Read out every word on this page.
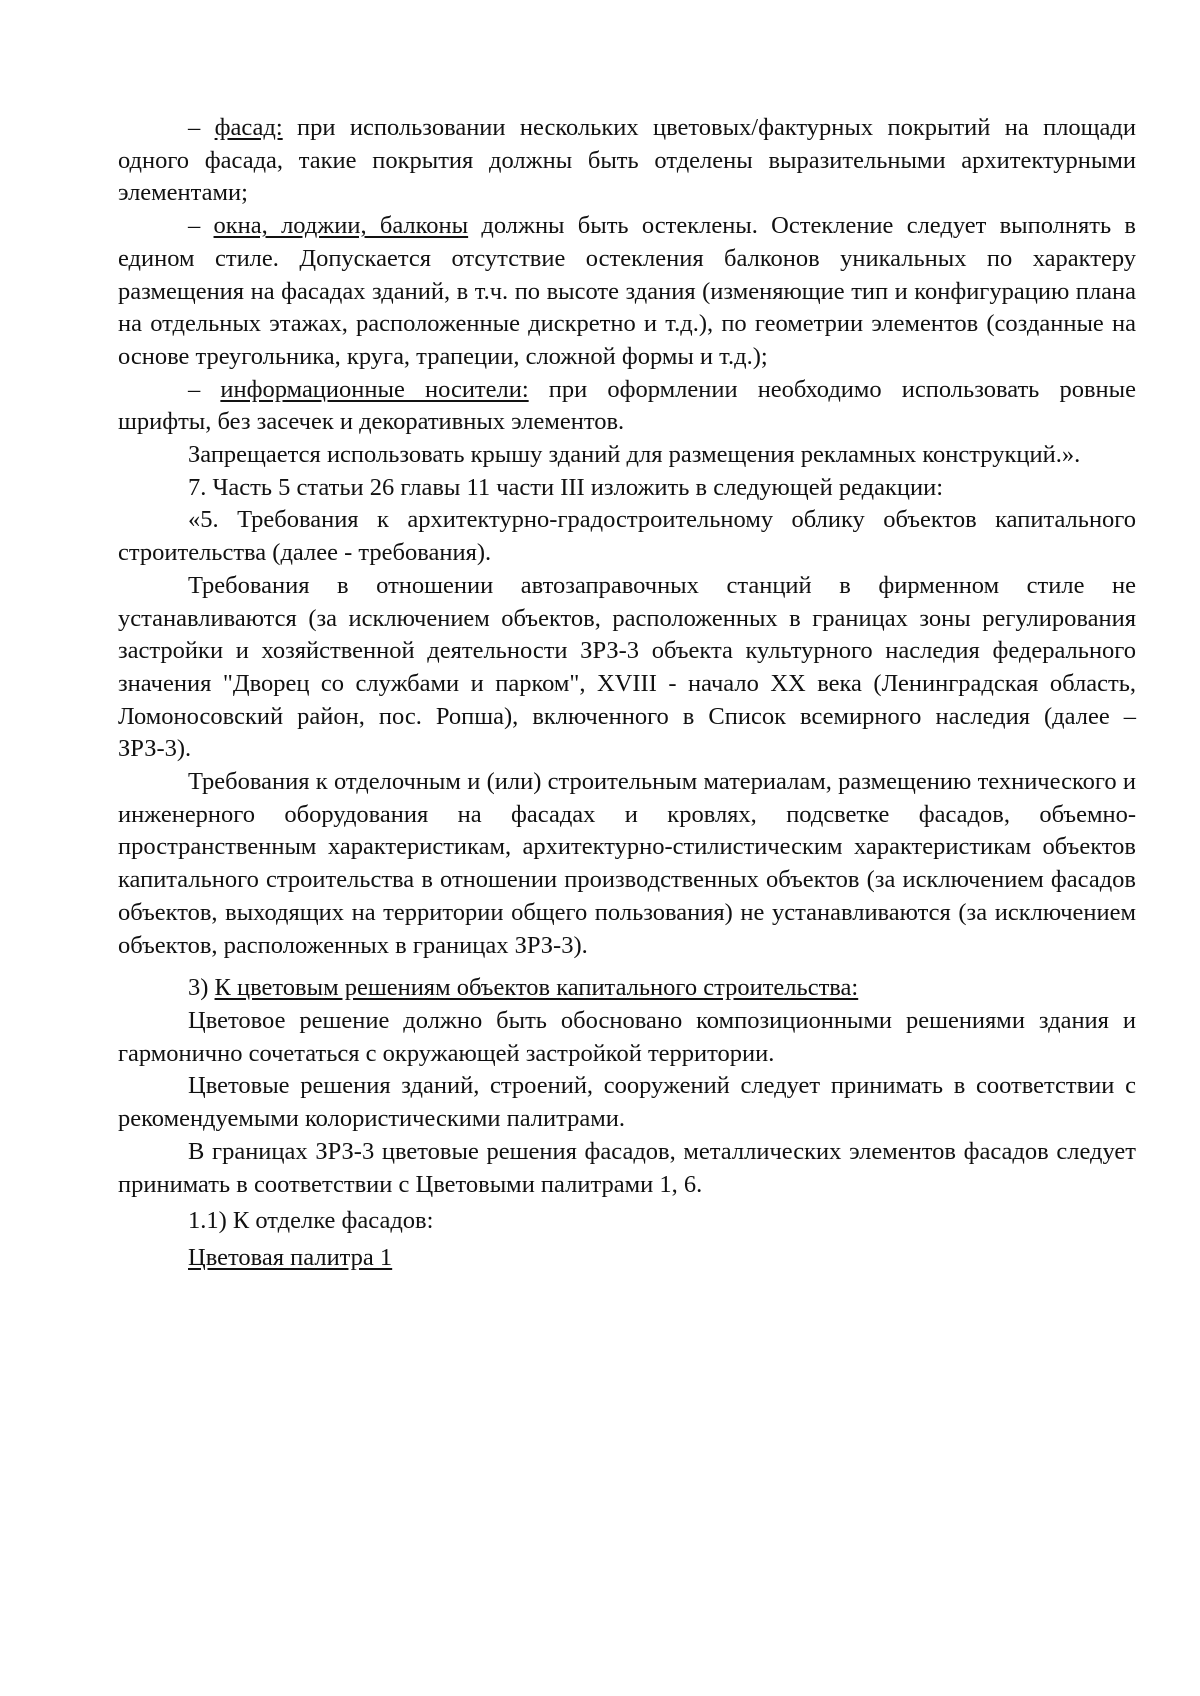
– фасад: при использовании нескольких цветовых/фактурных покрытий на площади одного фасада, такие покрытия должны быть отделены выразительными архитектурными элементами;

– окна, лоджии, балконы должны быть остеклены. Остекление следует выполнять в едином стиле. Допускается отсутствие остекления балконов уникальных по характеру размещения на фасадах зданий, в т.ч. по высоте здания (изменяющие тип и конфигурацию плана на отдельных этажах, расположенные дискретно и т.д.), по геометрии элементов (созданные на основе треугольника, круга, трапеции, сложной формы и т.д.);

– информационные носители: при оформлении необходимо использовать ровные шрифты, без засечек и декоративных элементов.

Запрещается использовать крышу зданий для размещения рекламных конструкций.».

7. Часть 5 статьи 26 главы 11 части III изложить в следующей редакции:

«5. Требования к архитектурно-градостроительному облику объектов капитального строительства (далее - требования).

Требования в отношении автозаправочных станций в фирменном стиле не устанавливаются (за исключением объектов, расположенных в границах зоны регулирования застройки и хозяйственной деятельности ЗРЗ-3 объекта культурного наследия федерального значения "Дворец со службами и парком", XVIII - начало XX века (Ленинградская область, Ломоносовский район, пос. Ропша), включенного в Список всемирного наследия (далее – ЗРЗ-3).

Требования к отделочным и (или) строительным материалам, размещению технического и инженерного оборудования на фасадах и кровлях, подсветке фасадов, объемно-пространственным характеристикам, архитектурно-стилистическим характеристикам объектов капитального строительства в отношении производственных объектов (за исключением фасадов объектов, выходящих на территории общего пользования) не устанавливаются (за исключением объектов, расположенных в границах ЗРЗ-3).

3) К цветовым решениям объектов капитального строительства:

Цветовое решение должно быть обосновано композиционными решениями здания и гармонично сочетаться с окружающей застройкой территории.

Цветовые решения зданий, строений, сооружений следует принимать в соответствии с рекомендуемыми колористическими палитрами.

В границах ЗРЗ-3 цветовые решения фасадов, металлических элементов фасадов следует принимать в соответствии с Цветовыми палитрами 1, 6.

1.1) К отделке фасадов:

Цветовая палитра 1
